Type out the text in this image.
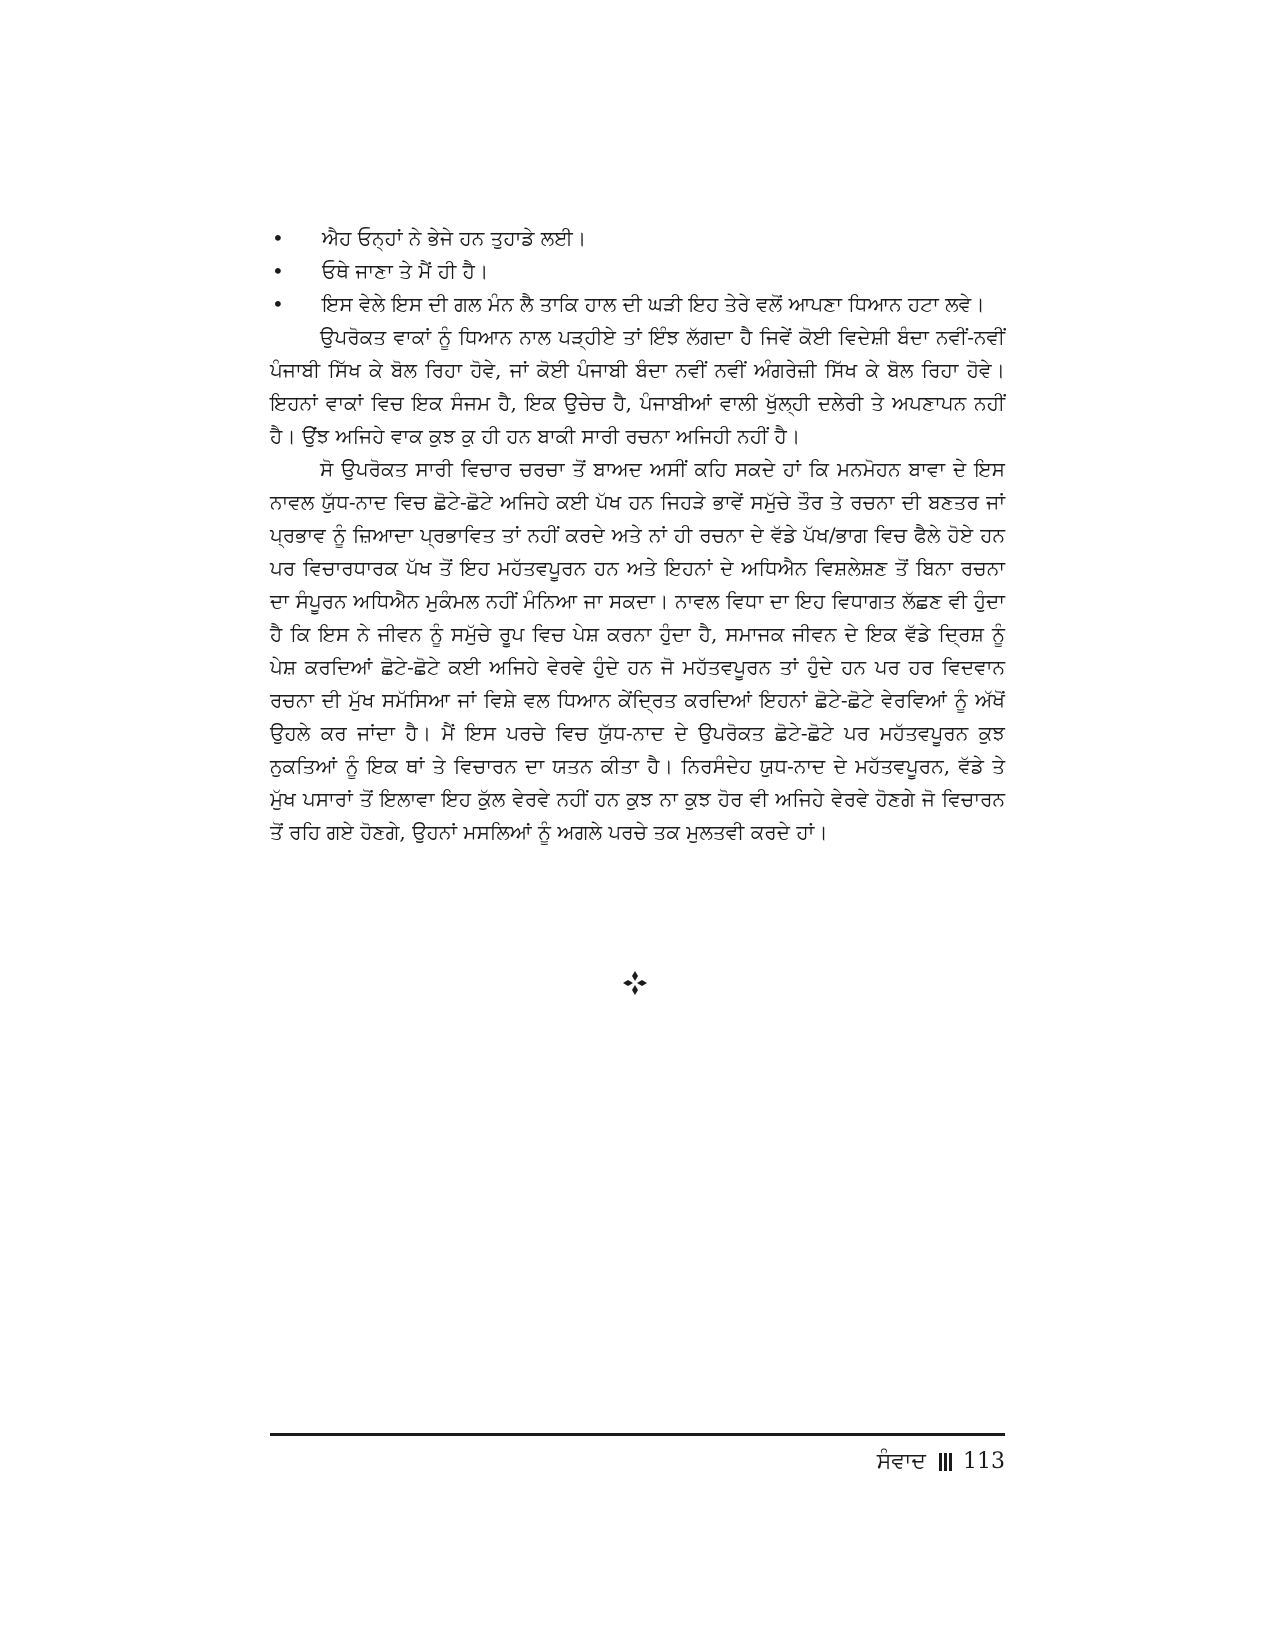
•	ਐਹ ਓਨ੍ਹਾਂ ਨੇ ਭੇਜੇ ਹਨ ਤੁਹਾਡੇ ਲਈ।
•	ਓਥੇ ਜਾਣਾ ਤੇ ਮੈਂ ਹੀ ਹੈ।
•	ਇਸ ਵੇਲੇ ਇਸ ਦੀ ਗਲ ਮੰਨ ਲੈ ਤਾਕਿ ਹਾਲ ਦੀ ਘੜੀ ਇਹ ਤੇਰੇ ਵਲੋਂ ਆਪਣਾ ਧਿਆਨ ਹਟਾ ਲਵੇ।

ਉਪਰੋਕਤ ਵਾਕਾਂ ਨੂੰ ਧਿਆਨ ਨਾਲ ਪੜ੍ਹੀਏ ਤਾਂ ਇੰਝ ਲੱਗਦਾ ਹੈ ਜਿਵੇਂ ਕੋਈ ਵਿਦੇਸ਼ੀ ਬੰਦਾ ਨਵੀਂ-ਨਵੀਂ ਪੰਜਾਬੀ ਸਿੱਖ ਕੇ ਬੋਲ ਰਿਹਾ ਹੋਵੇ, ਜਾਂ ਕੋਈ ਪੰਜਾਬੀ ਬੰਦਾ ਨਵੀਂ ਨਵੀਂ ਅੰਗਰੇਜ਼ੀ ਸਿੱਖ ਕੇ ਬੋਲ ਰਿਹਾ ਹੋਵੇ। ਇਹਨਾਂ ਵਾਕਾਂ ਵਿਚ ਇਕ ਸੰਜਮ ਹੈ, ਇਕ ਉਚੇਚ ਹੈ, ਪੰਜਾਬੀਆਂ ਵਾਲੀ ਖੁੱਲ੍ਹੀ ਦਲੇਰੀ ਤੇ ਅਪਣਾਪਨ ਨਹੀਂ ਹੈ। ਉਂਝ ਅਜਿਹੇ ਵਾਕ ਕੁਝ ਕੁ ਹੀ ਹਨ ਬਾਕੀ ਸਾਰੀ ਰਚਨਾ ਅਜਿਹੀ ਨਹੀਂ ਹੈ।

ਸੋ ਉਪਰੋਕਤ ਸਾਰੀ ਵਿਚਾਰ ਚਰਚਾ ਤੋਂ ਬਾਅਦ ਅਸੀਂ ਕਹਿ ਸਕਦੇ ਹਾਂ ਕਿ ਮਨਮੋਹਨ ਬਾਵਾ ਦੇ ਇਸ ਨਾਵਲ ਯੁੱਧ-ਨਾਦ ਵਿਚ ਛੋਟੇ-ਛੋਟੇ ਅਜਿਹੇ ਕਈ ਪੱਖ ਹਨ ਜਿਹੜੇ ਭਾਵੇਂ ਸਮੁੱਚੇ ਤੌਰ ਤੇ ਰਚਨਾ ਦੀ ਬਣਤਰ ਜਾਂ ਪ੍ਰਭਾਵ ਨੂੰ ਜ਼ਿਆਦਾ ਪ੍ਰਭਾਵਿਤ ਤਾਂ ਨਹੀਂ ਕਰਦੇ ਅਤੇ ਨਾਂ ਹੀ ਰਚਨਾ ਦੇ ਵੱਡੇ ਪੱਖ/ਭਾਗ ਵਿਚ ਫੈਲੇ ਹੋਏ ਹਨ ਪਰ ਵਿਚਾਰਧਾਰਕ ਪੱਖ ਤੋਂ ਇਹ ਮਹੱਤਵਪੂਰਨ ਹਨ ਅਤੇ ਇਹਨਾਂ ਦੇ ਅਧਿਐਨ ਵਿਸ਼ਲੇਸ਼ਣ ਤੋਂ ਬਿਨਾ ਰਚਨਾ ਦਾ ਸੰਪੂਰਨ ਅਧਿਐਨ ਮੁਕੰਮਲ ਨਹੀਂ ਮੰਨਿਆ ਜਾ ਸਕਦਾ। ਨਾਵਲ ਵਿਧਾ ਦਾ ਇਹ ਵਿਧਾਗਤ ਲੱਛਣ ਵੀ ਹੁੰਦਾ ਹੈ ਕਿ ਇਸ ਨੇ ਜੀਵਨ ਨੂੰ ਸਮੁੱਚੇ ਰੂਪ ਵਿਚ ਪੇਸ਼ ਕਰਨਾ ਹੁੰਦਾ ਹੈ, ਸਮਾਜਕ ਜੀਵਨ ਦੇ ਇਕ ਵੱਡੇ ਦ੍ਰਿਸ਼ ਨੂੰ ਪੇਸ਼ ਕਰਦਿਆਂ ਛੋਟੇ-ਛੋਟੇ ਕਈ ਅਜਿਹੇ ਵੇਰਵੇ ਹੁੰਦੇ ਹਨ ਜੋ ਮਹੱਤਵਪੂਰਨ ਤਾਂ ਹੁੰਦੇ ਹਨ ਪਰ ਹਰ ਵਿਦਵਾਨ ਰਚਨਾ ਦੀ ਮੁੱਖ ਸਮੱਸਿਆ ਜਾਂ ਵਿਸ਼ੇ ਵਲ ਧਿਆਨ ਕੇਂਦ੍ਰਿਤ ਕਰਦਿਆਂ ਇਹਨਾਂ ਛੋਟੇ-ਛੋਟੇ ਵੇਰਵਿਆਂ ਨੂੰ ਅੱਖੋਂ ਉਹਲੇ ਕਰ ਜਾਂਦਾ ਹੈ। ਮੈਂ ਇਸ ਪਰਚੇ ਵਿਚ ਯੁੱਧ-ਨਾਦ ਦੇ ਉਪਰੋਕਤ ਛੋਟੇ-ਛੋਟੇ ਪਰ ਮਹੱਤਵਪੂਰਨ ਕੁਝ ਨੁਕਤਿਆਂ ਨੂੰ ਇਕ ਥਾਂ ਤੇ ਵਿਚਾਰਨ ਦਾ ਯਤਨ ਕੀਤਾ ਹੈ। ਨਿਰਸੰਦੇਹ ਯੁਧ-ਨਾਦ ਦੇ ਮਹੱਤਵਪੂਰਨ, ਵੱਡੇ ਤੇ ਮੁੱਖ ਪਸਾਰਾਂ ਤੋਂ ਇਲਾਵਾ ਇਹ ਕੁੱਲ ਵੇਰਵੇ ਨਹੀਂ ਹਨ ਕੁਝ ਨਾ ਕੁਝ ਹੋਰ ਵੀ ਅਜਿਹੇ ਵੇਰਵੇ ਹੋਣਗੇ ਜੋ ਵਿਚਾਰਨ ਤੋਂ ਰਹਿ ਗਏ ਹੋਣਗੇ, ਉਹਨਾਂ ਮਸਲਿਆਂ ਨੂੰ ਅਗਲੇ ਪਰਚੇ ਤਕ ਮੁਲਤਵੀ ਕਰਦੇ ਹਾਂ।

ਸੰਵਾਦ 113
